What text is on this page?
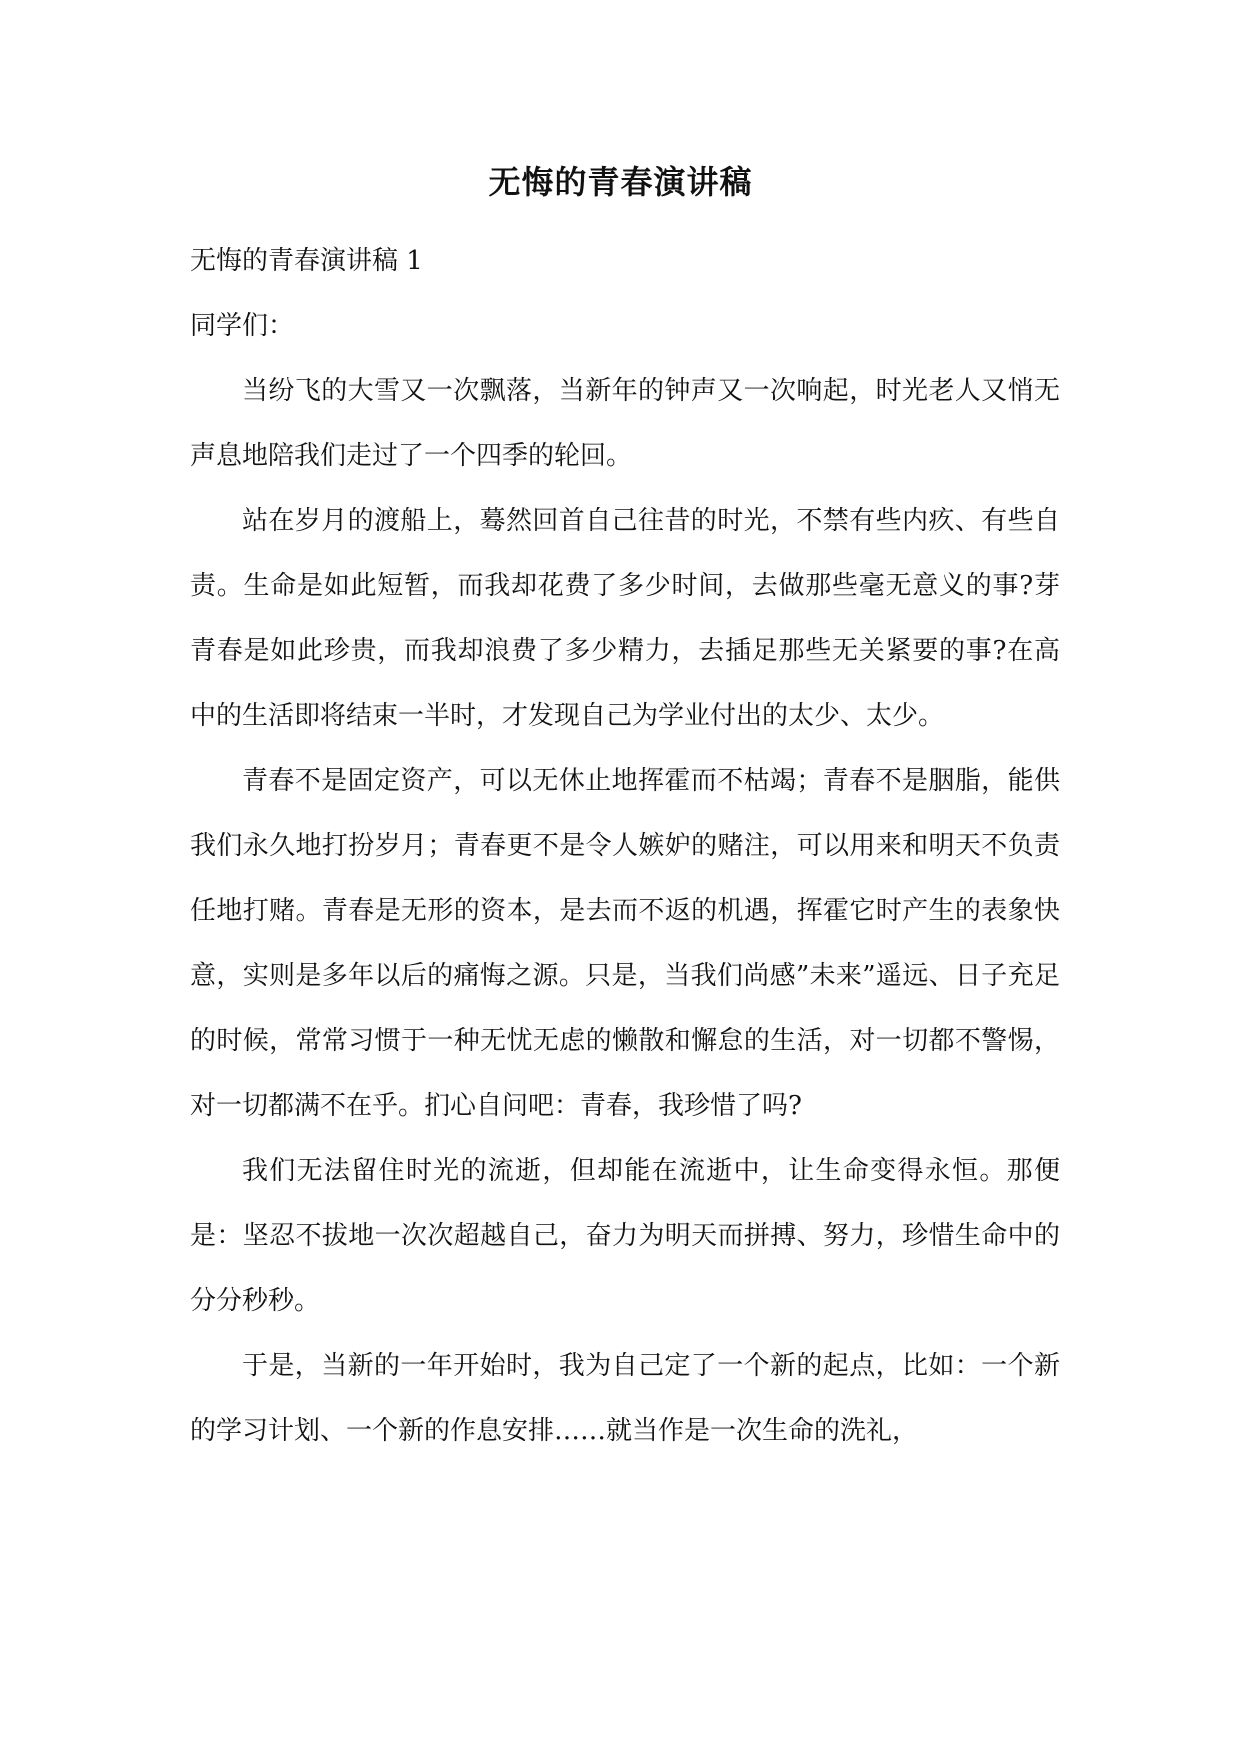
无悔的青春演讲稿

无悔的青春演讲稿 1

同学们：

当纷飞的大雪又一次飘落，当新年的钟声又一次响起，时光老人又悄无声息地陪我们走过了一个四季的轮回。

站在岁月的渡船上，蓦然回首自己往昔的时光，不禁有些内疚、有些自责。生命是如此短暂，而我却花费了多少时间，去做那些毫无意义的事?芽青春是如此珍贵，而我却浪费了多少精力，去插足那些无关紧要的事?在高中的生活即将结束一半时，才发现自己为学业付出的太少、太少。

青春不是固定资产，可以无休止地挥霍而不枯竭；青春不是胭脂，能供我们永久地打扮岁月；青春更不是令人嫉妒的赌注，可以用来和明天不负责任地打赌。青春是无形的资本，是去而不返的机遇，挥霍它时产生的表象快意，实则是多年以后的痛悔之源。只是，当我们尚感”未来”遥远、日子充足的时候，常常习惯于一种无忧无虑的懒散和懈怠的生活，对一切都不警惕，对一切都满不在乎。扪心自问吧：青春，我珍惜了吗?

我们无法留住时光的流逝，但却能在流逝中，让生命变得永恒。那便是：坚忍不拔地一次次超越自己，奋力为明天而拼搏、努力，珍惜生命中的分分秒秒。

于是，当新的一年开始时，我为自己定了一个新的起点，比如：一个新的学习计划、一个新的作息安排……就当作是一次生命的洗礼，
